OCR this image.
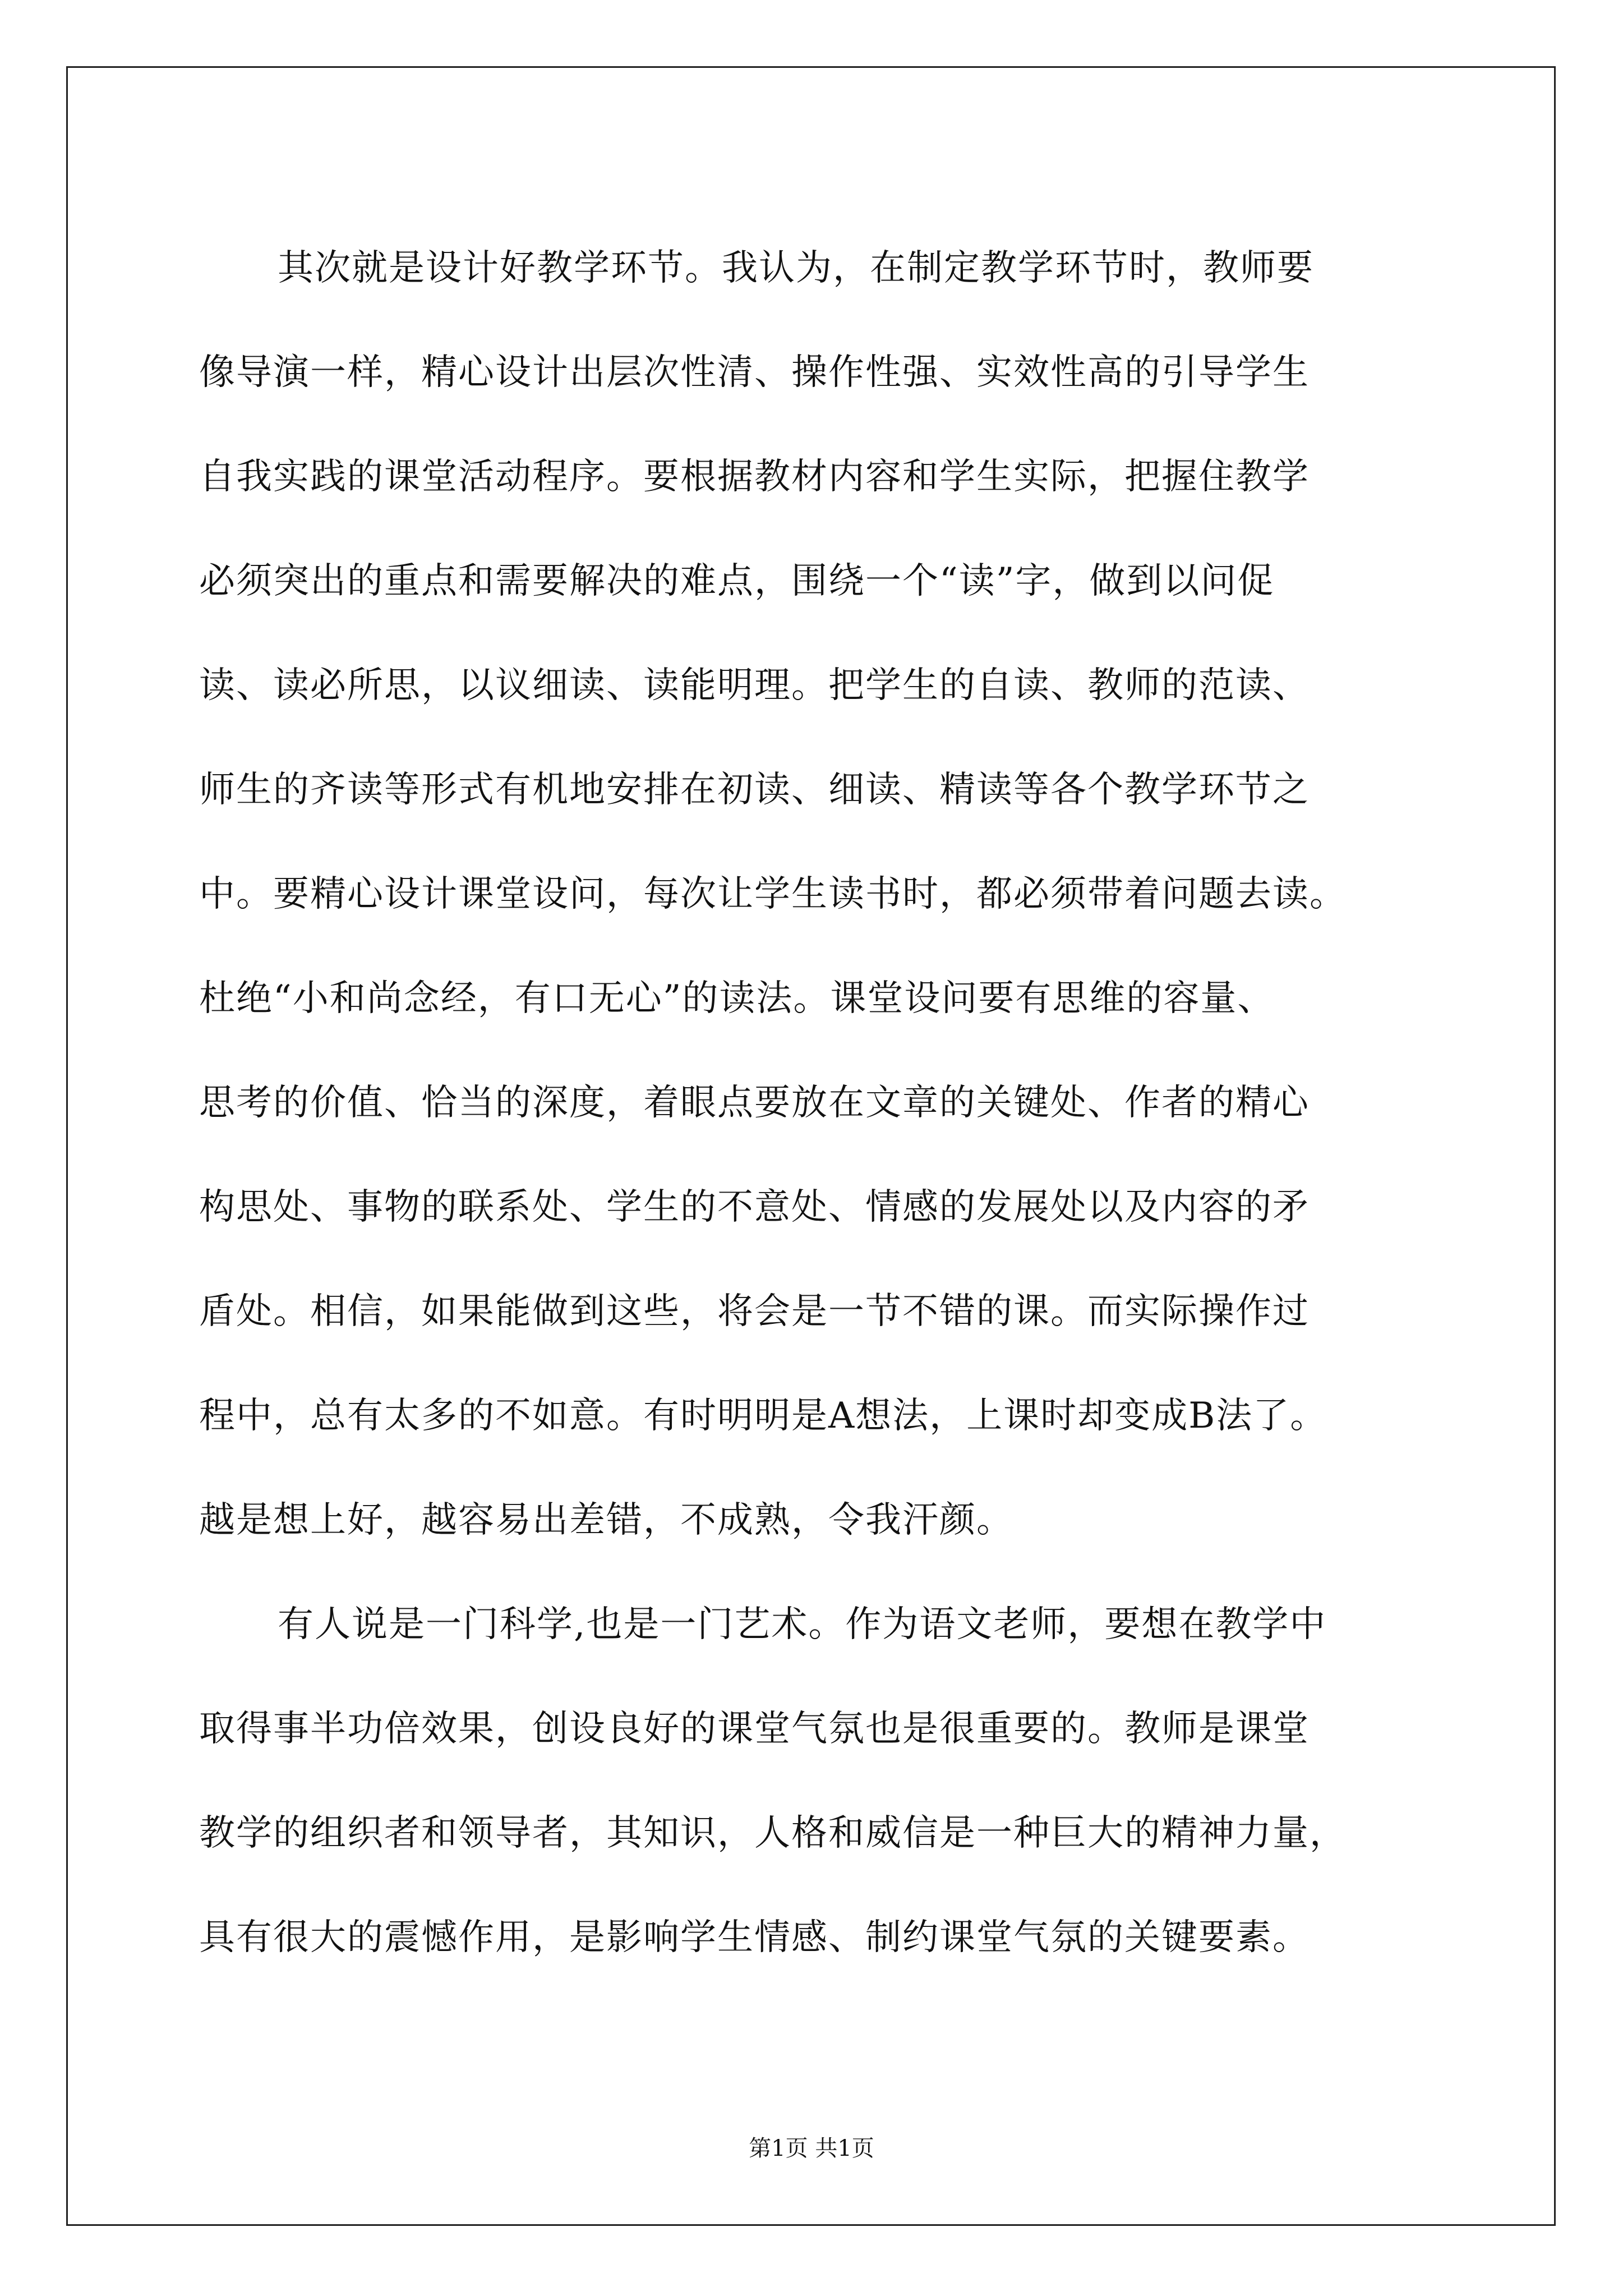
其次就是设计好教学环节。我认为，在制定教学环节时，教师要
像导演一样，精心设计出层次性清、操作性强、实效性高的引导学生
自我实践的课堂活动程序。要根据教材内容和学生实际，把握住教学
必须突出的重点和需要解决的难点，围绕一个“读”字，做到以问促
读、读必所思，以议细读、读能明理。把学生的自读、教师的范读、
师生的齐读等形式有机地安排在初读、细读、精读等各个教学环节之
中。要精心设计课堂设问，每次让学生读书时，都必须带着问题去读。
杜绝“小和尚念经，有口无心”的读法。课堂设问要有思维的容量、
思考的价值、恰当的深度，着眼点要放在文章的关键处、作者的精心
构思处、事物的联系处、学生的不意处、情感的发展处以及内容的矛
盾处。相信，如果能做到这些，将会是一节不错的课。而实际操作过
程中，总有太多的不如意。有时明明是A想法，上课时却变成B法了。
越是想上好，越容易出差错，不成熟，令我汗颜。
有人说是一门科学,也是一门艺术。作为语文老师，要想在教学中
取得事半功倍效果，创设良好的课堂气氛也是很重要的。教师是课堂
教学的组织者和领导者，其知识，人格和威信是一种巨大的精神力量，
具有很大的震憾作用，是影响学生情感、制约课堂气氛的关键要素。
第1页 共1页
